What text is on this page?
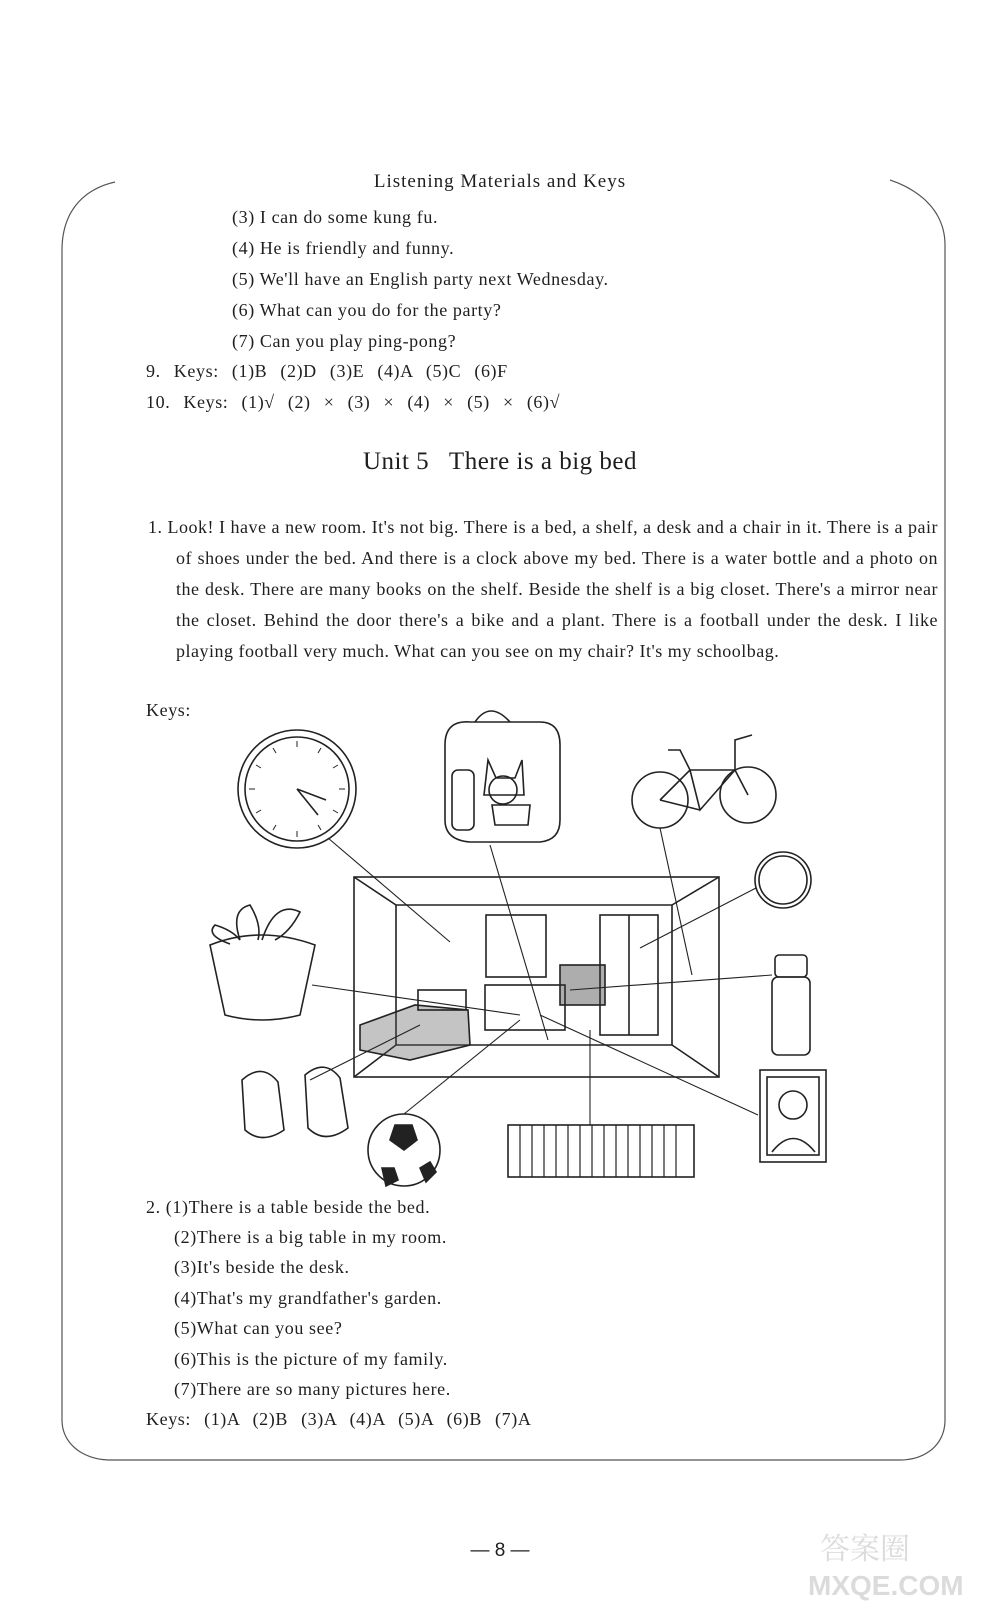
Listening Materials and Keys
(3) I can do some kung fu.
(4) He is friendly and funny.
(5) We'll have an English party next Wednesday.
(6) What can you do for the party?
(7) Can you play ping-pong?
9. Keys: (1)B (2)D (3)E (4)A (5)C (6)F
10. Keys: (1)√ (2) × (3) × (4) × (5) × (6)√
Unit 5   There is a big bed
1. Look! I have a new room. It's not big. There is a bed, a shelf, a desk and a chair in it. There is a pair of shoes under the bed. And there is a clock above my bed. There is a water bottle and a photo on the desk. There are many books on the shelf. Beside the shelf is a big closet. There's a mirror near the closet. Behind the door there's a bike and a plant. There is a football under the desk. I like playing football very much. What can you see on my chair? It's my schoolbag.
Keys:
2. (1)There is a table beside the bed.
(2)There is a big table in my room.
(3)It's beside the desk.
(4)That's my grandfather's garden.
(5)What can you see?
(6)This is the picture of my family.
(7)There are so many pictures here.
Keys: (1)A (2)B (3)A (4)A (5)A (6)B (7)A
— 8 —	答案圈
MXQE.COM
